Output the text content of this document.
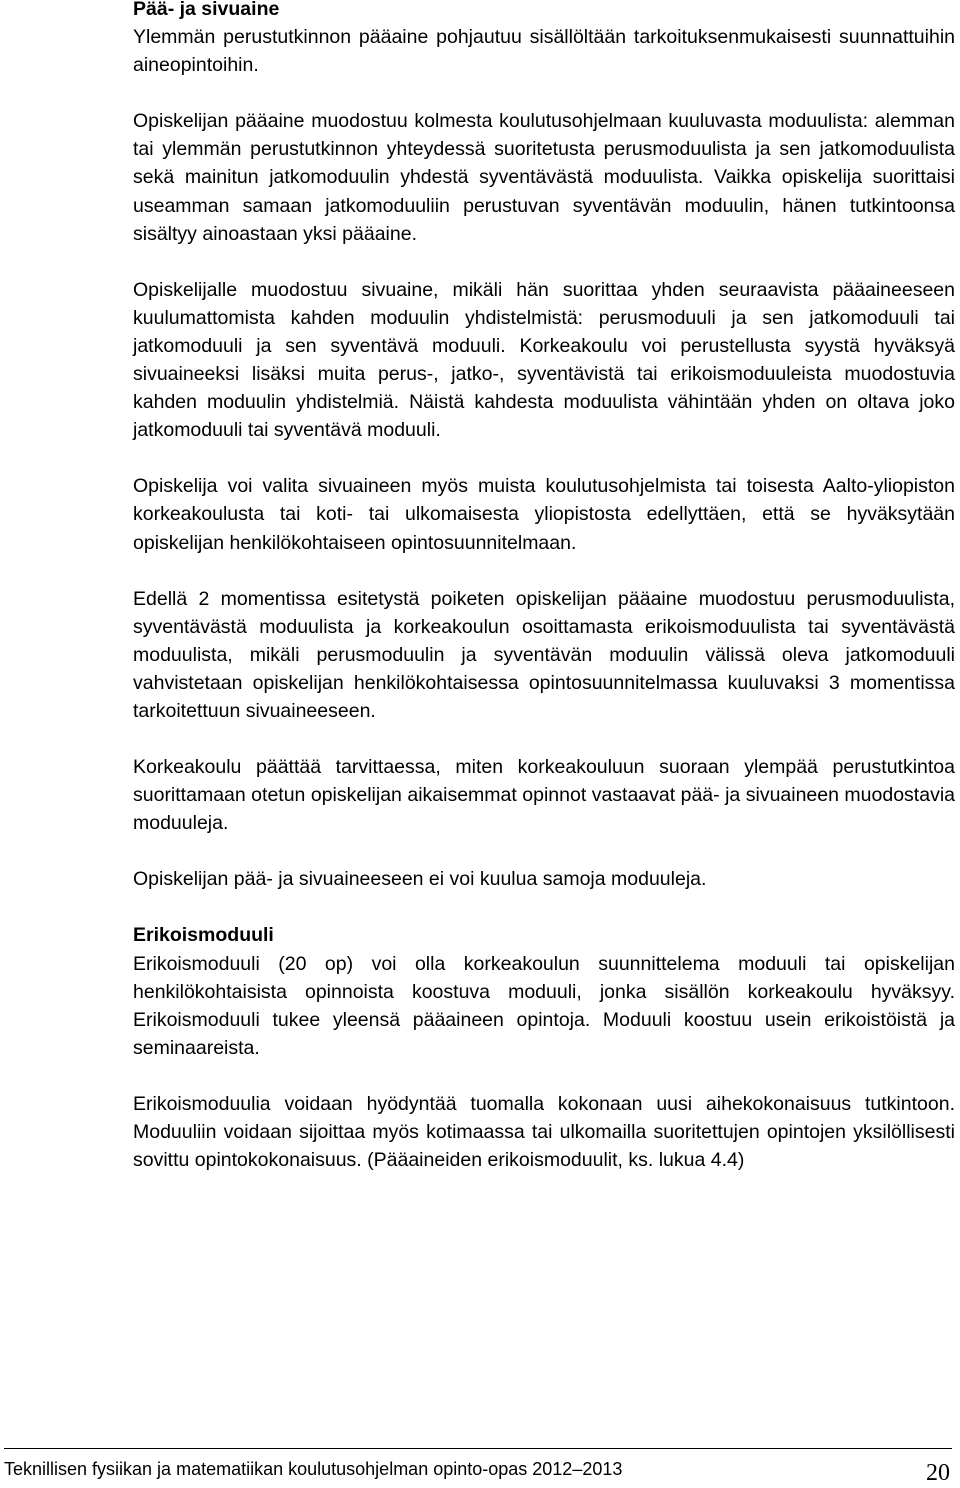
Pää- ja sivuaine
Ylemmän perustutkinnon pääaine pohjautuu sisällöltään tarkoituksenmukaisesti suunnattuihin aineopintoihin.
Opiskelijan pääaine muodostuu kolmesta koulutusohjelmaan kuuluvasta moduulista: alemman tai ylemmän perustutkinnon yhteydessä suoritetusta perusmoduulista ja sen jatkomoduulista sekä mainitun jatkomoduulin yhdestä syventävästä moduulista. Vaikka opiskelija suorittaisi useamman samaan jatkomoduuliin perustuvan syventävän moduulin, hänen tutkintoonsa sisältyy ainoastaan yksi pääaine.
Opiskelijalle muodostuu sivuaine, mikäli hän suorittaa yhden seuraavista pääaineeseen kuulumattomista kahden moduulin yhdistelmistä: perusmoduuli ja sen jatkomoduuli tai jatkomoduuli ja sen syventävä moduuli. Korkeakoulu voi perustellusta syystä hyväksyä sivuaineeksi lisäksi muita perus-, jatko-, syventävistä tai erikoismoduuleista muodostuvia kahden moduulin yhdistelmiä. Näistä kahdesta moduulista vähintään yhden on oltava joko jatkomoduuli tai syventävä moduuli.
Opiskelija voi valita sivuaineen myös muista koulutusohjelmista tai toisesta Aalto-yliopiston korkeakoulusta tai koti- tai ulkomaisesta yliopistosta edellyttäen, että se hyväksytään opiskelijan henkilökohtaiseen opintosuunnitelmaan.
Edellä 2 momentissa esitetystä poiketen opiskelijan pääaine muodostuu perusmoduulista, syventävästä moduulista ja korkeakoulun osoittamasta erikoismoduulista tai syventävästä moduulista, mikäli perusmoduulin ja syventävän moduulin välissä oleva jatkomoduuli vahvistetaan opiskelijan henkilökohtaisessa opintosuunnitelmassa kuuluvaksi 3 momentissa tarkoitettuun sivuaineeseen.
Korkeakoulu päättää tarvittaessa, miten korkeakouluun suoraan ylempää perustutkintoa suorittamaan otetun opiskelijan aikaisemmat opinnot vastaavat pää- ja sivuaineen muodostavia moduuleja.
Opiskelijan pää- ja sivuaineeseen ei voi kuulua samoja moduuleja.
Erikoismoduuli
Erikoismoduuli (20 op) voi olla korkeakoulun suunnittelema moduuli tai opiskelijan henkilökohtaisista opinnoista koostuva moduuli, jonka sisällön korkeakoulu hyväksyy. Erikoismoduuli tukee yleensä pääaineen opintoja. Moduuli koostuu usein erikoistöistä ja seminaareista.
Erikoismoduulia voidaan hyödyntää tuomalla kokonaan uusi aihekokonaisuus tutkintoon. Moduuliin voidaan sijoittaa myös kotimaassa tai ulkomailla suoritettujen opintojen yksilöllisesti sovittu opintokokonaisuus. (Pääaineiden erikoismoduulit, ks. lukua 4.4)
Teknillisen fysiikan ja matematiikan koulutusohjelman opinto-opas 2012–2013	20
